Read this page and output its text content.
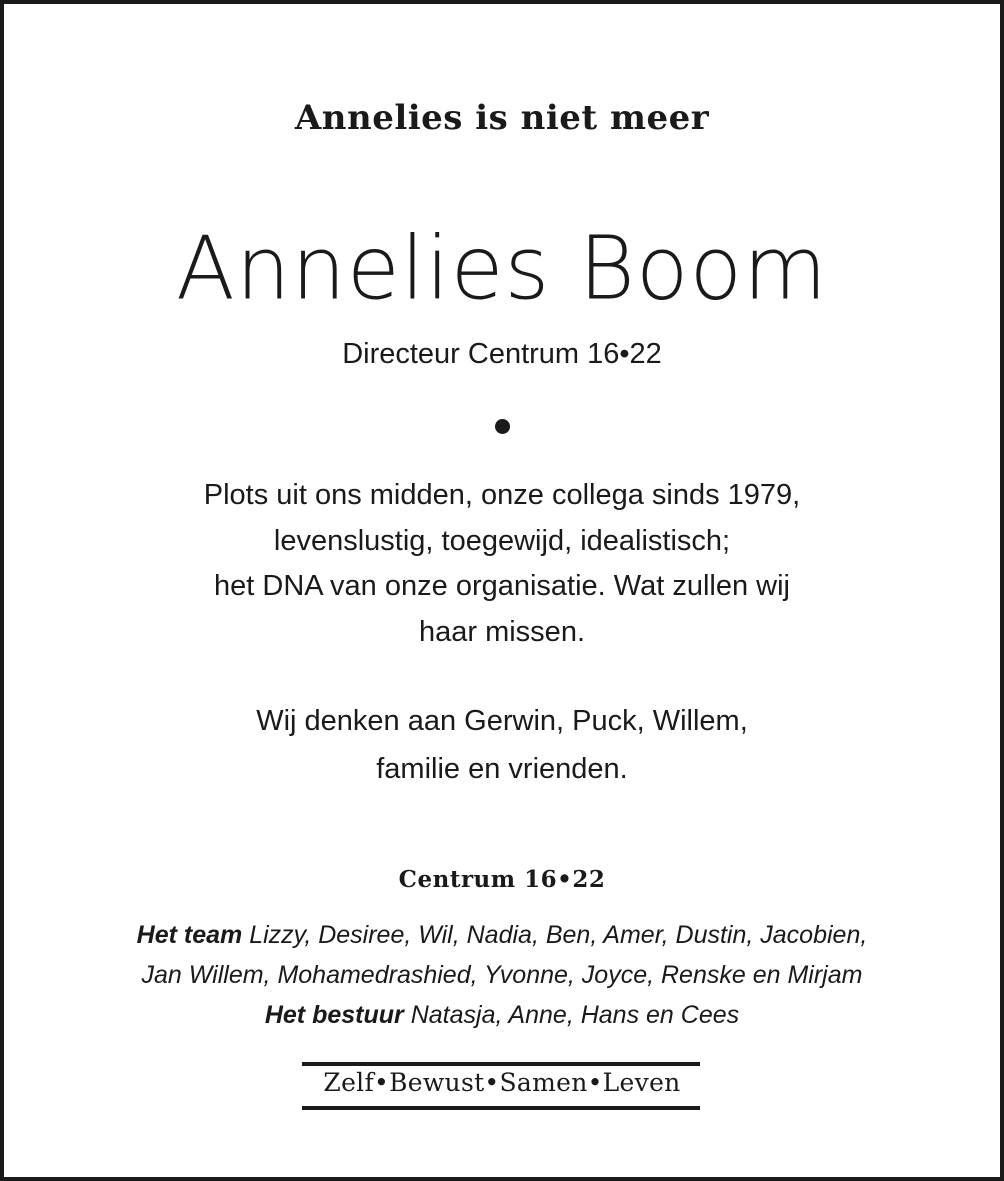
Annelies is niet meer
Annelies Boom
Directeur Centrum 16•22
Plots uit ons midden, onze collega sinds 1979,
levenslustig, toegewijd, idealistisch;
het DNA van onze organisatie. Wat zullen wij
haar missen.
Wij denken aan Gerwin, Puck, Willem,
familie en vrienden.
Centrum 16•22
Het team Lizzy, Desiree, Wil, Nadia, Ben, Amer, Dustin, Jacobien,
Jan Willem, Mohamedrashied, Yvonne, Joyce, Renske en Mirjam
Het bestuur Natasja, Anne, Hans en Cees
Zelf•Bewust•Samen•Leven
